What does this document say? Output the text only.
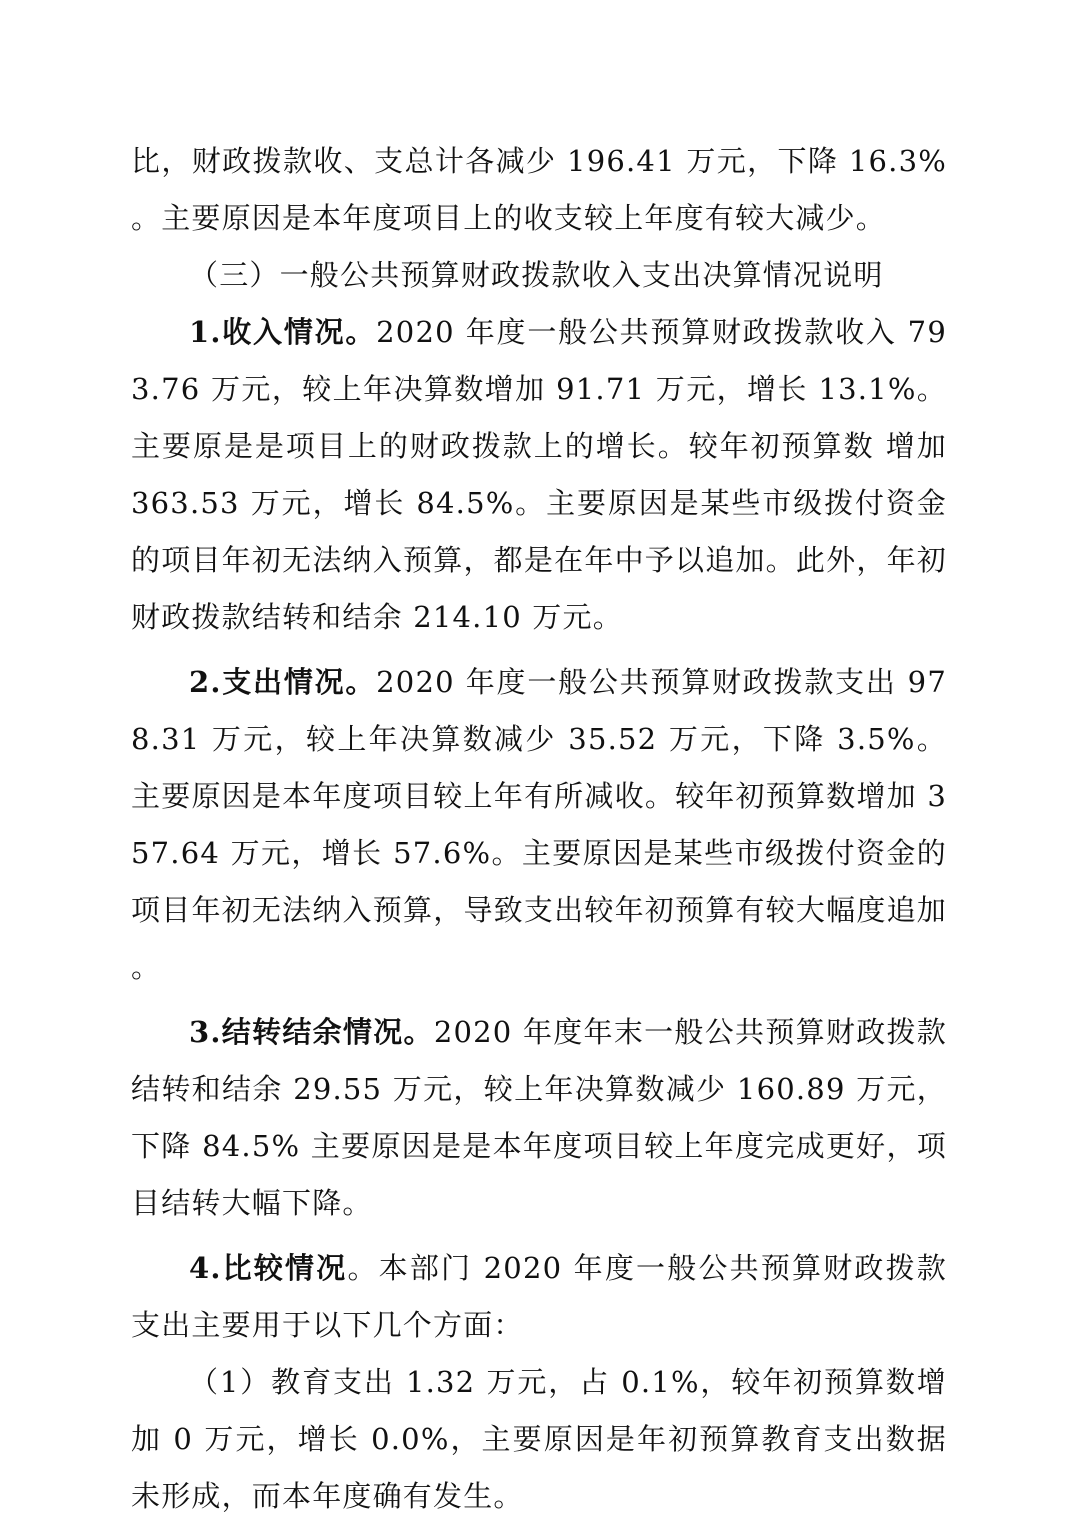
比，财政拨款收、支总计各减少 196.41 万元，下降 16.3%。主要原因是本年度项目上的收支较上年度有较大减少。

（三）一般公共预算财政拨款收入支出决算情况说明

1.收入情况。2020 年度一般公共预算财政拨款收入 793.76 万元，较上年决算数增加 91.71 万元，增长 13.1%。主要原是是项目上的财政拨款上的增长。较年初预算数 增加 363.53 万元，增长 84.5%。主要原因是某些市级拨付资金的项目年初无法纳入预算，都是在年中予以追加。此外，年初财政拨款结转和结余 214.10 万元。

2.支出情况。2020 年度一般公共预算财政拨款支出 978.31 万元，较上年决算数减少 35.52 万元，下降 3.5%。主要原因是本年度项目较上年有所减收。较年初预算数增加 357.64 万元，增长 57.6%。主要原因是某些市级拨付资金的项目年初无法纳入预算，导致支出较年初预算有较大幅度追加。

3.结转结余情况。2020 年度年末一般公共预算财政拨款结转和结余 29.55 万元，较上年决算数减少 160.89 万元，下降 84.5% 主要原因是是本年度项目较上年度完成更好，项目结转大幅下降。

4.比较情况。本部门 2020 年度一般公共预算财政拨款支出主要用于以下几个方面：

（1）教育支出 1.32 万元，占 0.1%，较年初预算数增加 0 万元，增长 0.0%，主要原因是年初预算教育支出数据未形成，而本年度确有发生。
